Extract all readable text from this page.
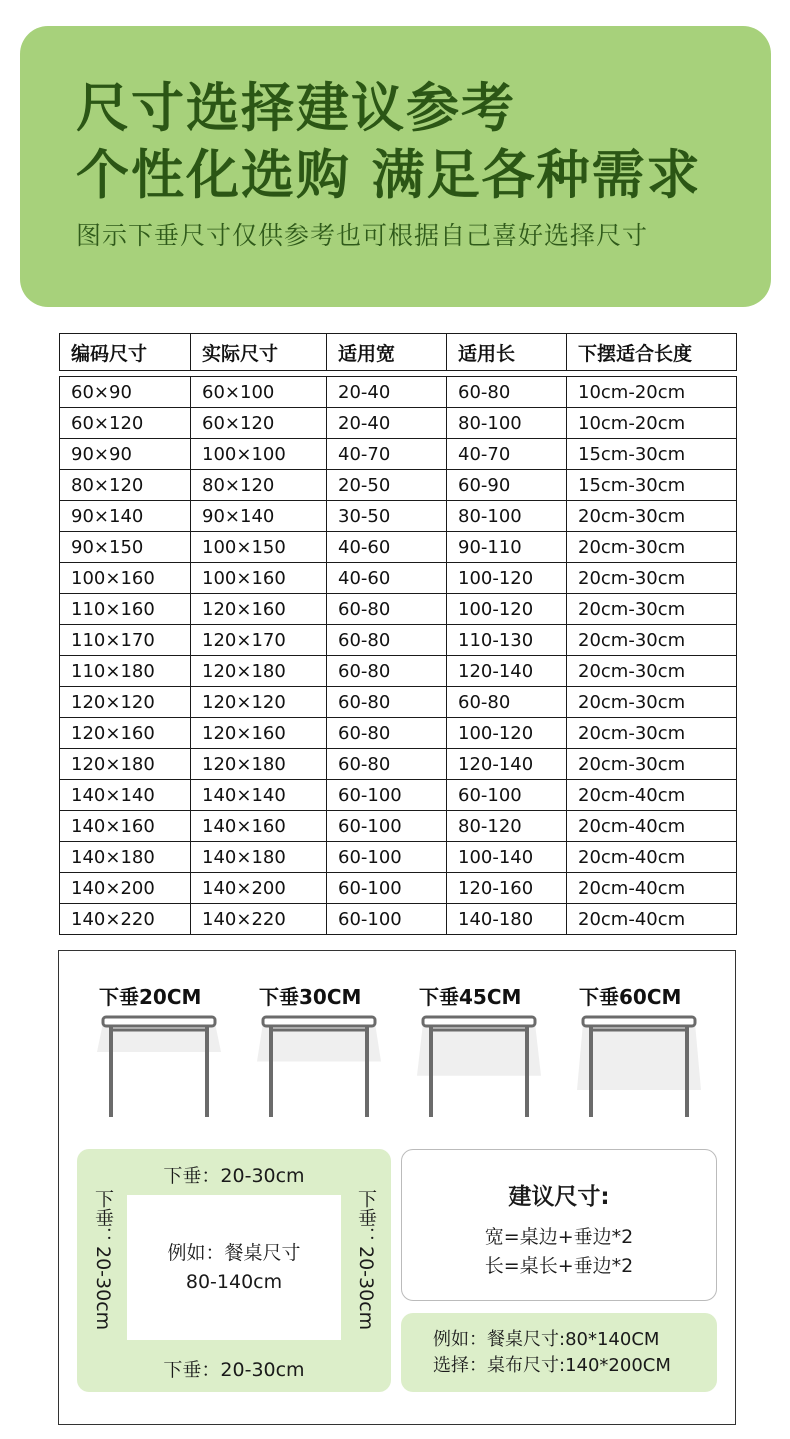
尺寸选择建议参考
个性化选购 满足各种需求
图示下垂尺寸仅供参考也可根据自己喜好选择尺寸
编码尺寸	实际尺寸	适用宽	适用长	下摆适合长度

60×90	60×100	20-40	60-80	10cm-20cm
60×120	60×120	20-40	80-100	10cm-20cm
90×90	100×100	40-70	40-70	15cm-30cm
80×120	80×120	20-50	60-90	15cm-30cm
90×140	90×140	30-50	80-100	20cm-30cm
90×150	100×150	40-60	90-110	20cm-30cm
100×160	100×160	40-60	100-120	20cm-30cm
110×160	120×160	60-80	100-120	20cm-30cm
110×170	120×170	60-80	110-130	20cm-30cm
110×180	120×180	60-80	120-140	20cm-30cm
120×120	120×120	60-80	60-80	20cm-30cm
120×160	120×160	60-80	100-120	20cm-30cm
120×180	120×180	60-80	120-140	20cm-30cm
140×140	140×140	60-100	60-100	20cm-40cm
140×160	140×160	60-100	80-120	20cm-40cm
140×180	140×180	60-100	100-140	20cm-40cm
140×200	140×200	60-100	120-160	20cm-40cm
140×220	140×220	60-100	140-180	20cm-40cm
下垂20CM	下垂30CM	下垂45CM	下垂60CM
下垂：20-30cm
下垂：20-30cm	例如：餐桌尺寸
80-140cm	下垂：20-30cm
下垂：20-30cm
建议尺寸:
宽=桌边+垂边*2
长=桌长+垂边*2
例如：餐桌尺寸:80*140CM
选择：桌布尺寸:140*200CM
